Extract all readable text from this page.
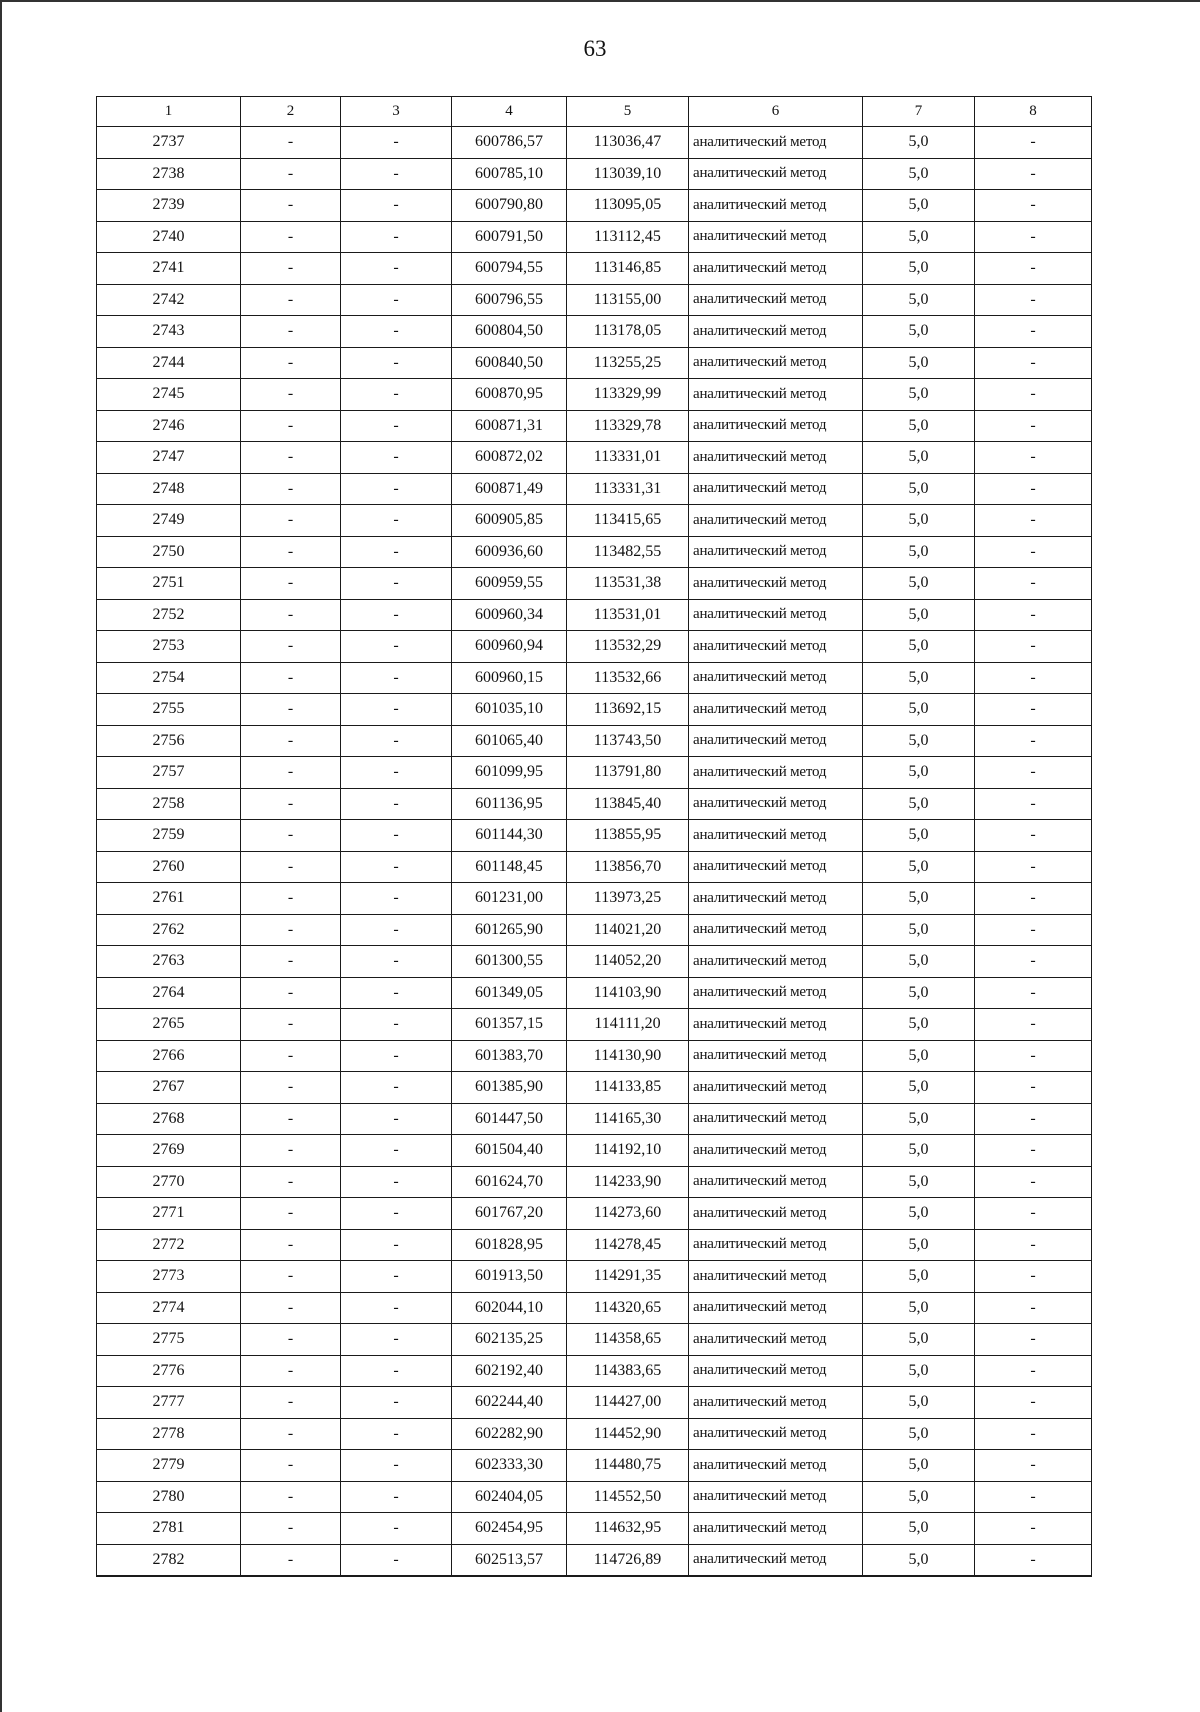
63
1	2	3	4	5	6	7	8
2737	-	-	600786,57	113036,47	аналитический метод	5,0	-
2738	-	-	600785,10	113039,10	аналитический метод	5,0	-
2739	-	-	600790,80	113095,05	аналитический метод	5,0	-
2740	-	-	600791,50	113112,45	аналитический метод	5,0	-
2741	-	-	600794,55	113146,85	аналитический метод	5,0	-
2742	-	-	600796,55	113155,00	аналитический метод	5,0	-
2743	-	-	600804,50	113178,05	аналитический метод	5,0	-
2744	-	-	600840,50	113255,25	аналитический метод	5,0	-
2745	-	-	600870,95	113329,99	аналитический метод	5,0	-
2746	-	-	600871,31	113329,78	аналитический метод	5,0	-
2747	-	-	600872,02	113331,01	аналитический метод	5,0	-
2748	-	-	600871,49	113331,31	аналитический метод	5,0	-
2749	-	-	600905,85	113415,65	аналитический метод	5,0	-
2750	-	-	600936,60	113482,55	аналитический метод	5,0	-
2751	-	-	600959,55	113531,38	аналитический метод	5,0	-
2752	-	-	600960,34	113531,01	аналитический метод	5,0	-
2753	-	-	600960,94	113532,29	аналитический метод	5,0	-
2754	-	-	600960,15	113532,66	аналитический метод	5,0	-
2755	-	-	601035,10	113692,15	аналитический метод	5,0	-
2756	-	-	601065,40	113743,50	аналитический метод	5,0	-
2757	-	-	601099,95	113791,80	аналитический метод	5,0	-
2758	-	-	601136,95	113845,40	аналитический метод	5,0	-
2759	-	-	601144,30	113855,95	аналитический метод	5,0	-
2760	-	-	601148,45	113856,70	аналитический метод	5,0	-
2761	-	-	601231,00	113973,25	аналитический метод	5,0	-
2762	-	-	601265,90	114021,20	аналитический метод	5,0	-
2763	-	-	601300,55	114052,20	аналитический метод	5,0	-
2764	-	-	601349,05	114103,90	аналитический метод	5,0	-
2765	-	-	601357,15	114111,20	аналитический метод	5,0	-
2766	-	-	601383,70	114130,90	аналитический метод	5,0	-
2767	-	-	601385,90	114133,85	аналитический метод	5,0	-
2768	-	-	601447,50	114165,30	аналитический метод	5,0	-
2769	-	-	601504,40	114192,10	аналитический метод	5,0	-
2770	-	-	601624,70	114233,90	аналитический метод	5,0	-
2771	-	-	601767,20	114273,60	аналитический метод	5,0	-
2772	-	-	601828,95	114278,45	аналитический метод	5,0	-
2773	-	-	601913,50	114291,35	аналитический метод	5,0	-
2774	-	-	602044,10	114320,65	аналитический метод	5,0	-
2775	-	-	602135,25	114358,65	аналитический метод	5,0	-
2776	-	-	602192,40	114383,65	аналитический метод	5,0	-
2777	-	-	602244,40	114427,00	аналитический метод	5,0	-
2778	-	-	602282,90	114452,90	аналитический метод	5,0	-
2779	-	-	602333,30	114480,75	аналитический метод	5,0	-
2780	-	-	602404,05	114552,50	аналитический метод	5,0	-
2781	-	-	602454,95	114632,95	аналитический метод	5,0	-
2782	-	-	602513,57	114726,89	аналитический метод	5,0	-
